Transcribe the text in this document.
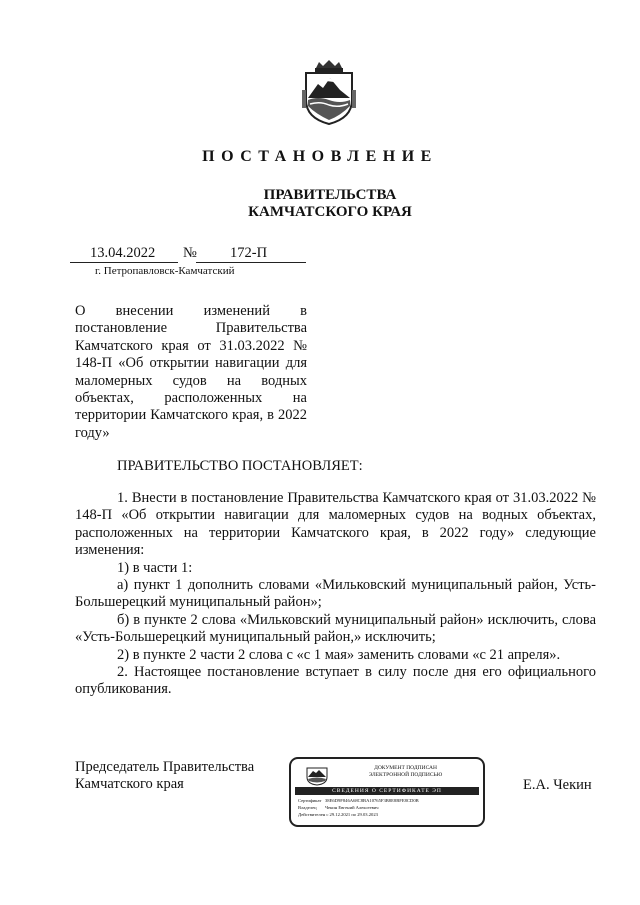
ПОСТАНОВЛЕНИЕ
ПРАВИТЕЛЬСТВА
КАМЧАТСКОГО КРАЯ
13.04.2022 № 172-П
г. Петропавловск-Камчатский
О внесении изменений в постановление Правительства Камчатского края от 31.03.2022 № 148-П «Об открытии навигации для маломерных судов на водных объектах, расположенных на территории Камчатского края, в 2022 году»
ПРАВИТЕЛЬСТВО ПОСТАНОВЛЯЕТ:

1. Внести в постановление Правительства Камчатского края от 31.03.2022 № 148-П «Об открытии навигации для маломерных судов на водных объектах, расположенных на территории Камчатского края, в 2022 году» следующие изменения:

1) в части 1:

а) пункт 1 дополнить словами «Мильковский муниципальный район, Усть-Большерецкий муниципальный район»;

б) в пункте 2 слова «Мильковский муниципальный район» исключить, слова «Усть-Большерецкий муниципальный район,» исключить;

2) в пункте 2 части 2 слова с «с 1 мая» заменить словами «с 21 апреля».

2. Настоящее постановление вступает в силу после дня его официального опубликования.

Председатель Правительства
Камчатского края
ДОКУМЕНТ ПОДПИСАН
ЭЛЕКТРОННОЙ ПОДПИСЬЮ
СВЕДЕНИЯ О СЕРТИФИКАТЕ ЭП
Сертификат 38E6D9F846A68C8BA10765F3B8E8BFE8CD0B
Владелец Чекин Евгений Алексеевич
Действителен с 29.12.2021 по 29.03.2023
Е.А. Чекин
